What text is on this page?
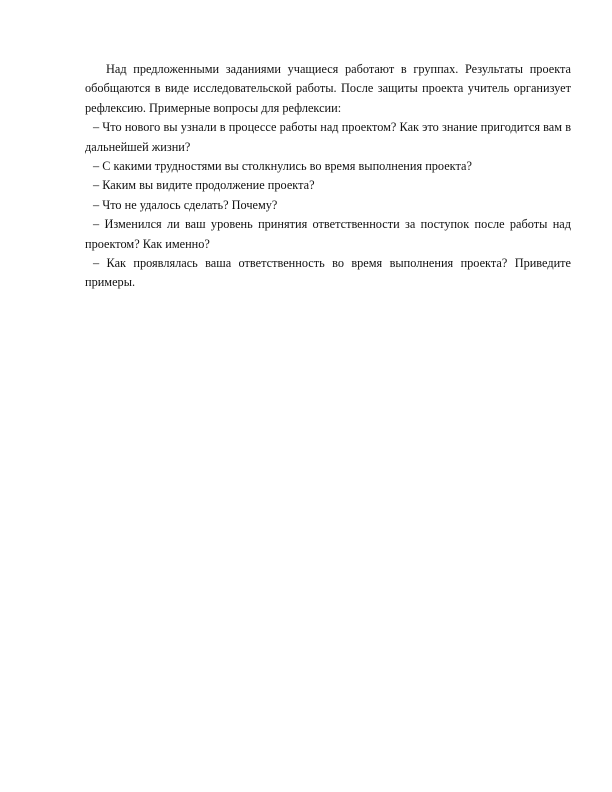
Над предложенными заданиями учащиеся работают в группах. Результаты проекта обобщаются в виде исследовательской работы. После защиты проекта учитель организует рефлексию. Примерные вопросы для рефлексии:

– Что нового вы узнали в процессе работы над проектом? Как это знание пригодится вам в дальнейшей жизни?

– С какими трудностями вы столкнулись во время выполнения проекта?

– Каким вы видите продолжение проекта?

– Что не удалось сделать? Почему?

– Изменился ли ваш уровень принятия ответственности за поступок после работы над проектом? Как именно?

– Как проявлялась ваша ответственность во время выполнения проекта? Приведите примеры.
